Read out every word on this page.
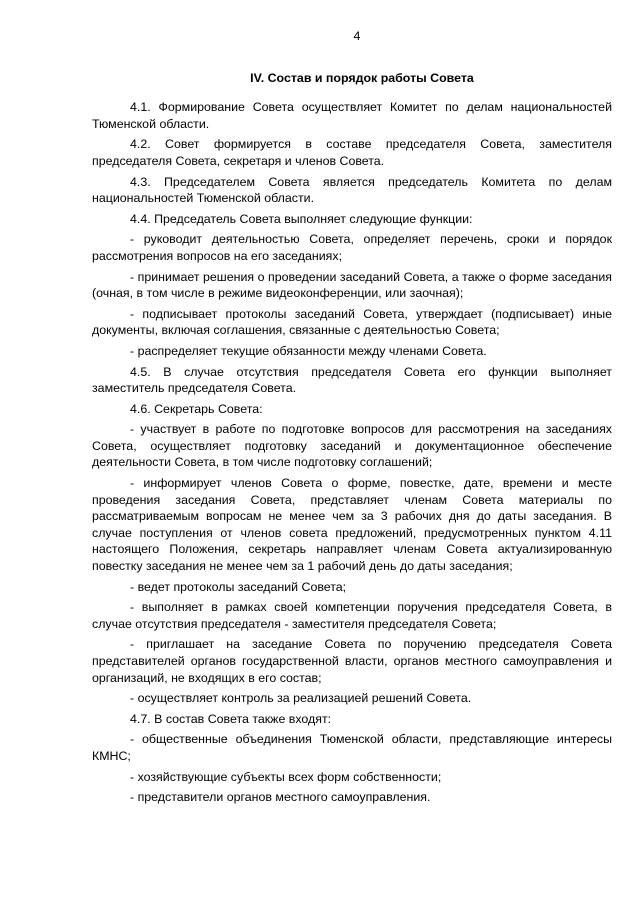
4
IV. Состав и порядок работы Совета

4.1. Формирование Совета осуществляет Комитет по делам национальностей Тюменской области.

4.2. Совет формируется в составе председателя Совета, заместителя председателя Совета, секретаря и членов Совета.

4.3. Председателем Совета является председатель Комитета по делам национальностей Тюменской области.

4.4. Председатель Совета выполняет следующие функции:

- руководит деятельностью Совета, определяет перечень, сроки и порядок рассмотрения вопросов на его заседаниях;

- принимает решения о проведении заседаний Совета, а также о форме заседания (очная, в том числе в режиме видеоконференции, или заочная);

- подписывает протоколы заседаний Совета, утверждает (подписывает) иные документы, включая соглашения, связанные с деятельностью Совета;

- распределяет текущие обязанности между членами Совета.

4.5. В случае отсутствия председателя Совета его функции выполняет заместитель председателя Совета.

4.6. Секретарь Совета:

- участвует в работе по подготовке вопросов для рассмотрения на заседаниях Совета, осуществляет подготовку заседаний и документационное обеспечение деятельности Совета, в том числе подготовку соглашений;

- информирует членов Совета о форме, повестке, дате, времени и месте проведения заседания Совета, представляет членам Совета материалы по рассматриваемым вопросам не менее чем за 3 рабочих дня до даты заседания. В случае поступления от членов совета предложений, предусмотренных пунктом 4.11 настоящего Положения, секретарь направляет членам Совета актуализированную повестку заседания не менее чем за 1 рабочий день до даты заседания;

- ведет протоколы заседаний Совета;

- выполняет в рамках своей компетенции поручения председателя Совета, в случае отсутствия председателя - заместителя председателя Совета;

- приглашает на заседание Совета по поручению председателя Совета представителей органов государственной власти, органов местного самоуправления и организаций, не входящих в его состав;

- осуществляет контроль за реализацией решений Совета.

4.7. В состав Совета также входят:

- общественные объединения Тюменской области, представляющие интересы КМНС;

- хозяйствующие субъекты всех форм собственности;

- представители органов местного самоуправления.
